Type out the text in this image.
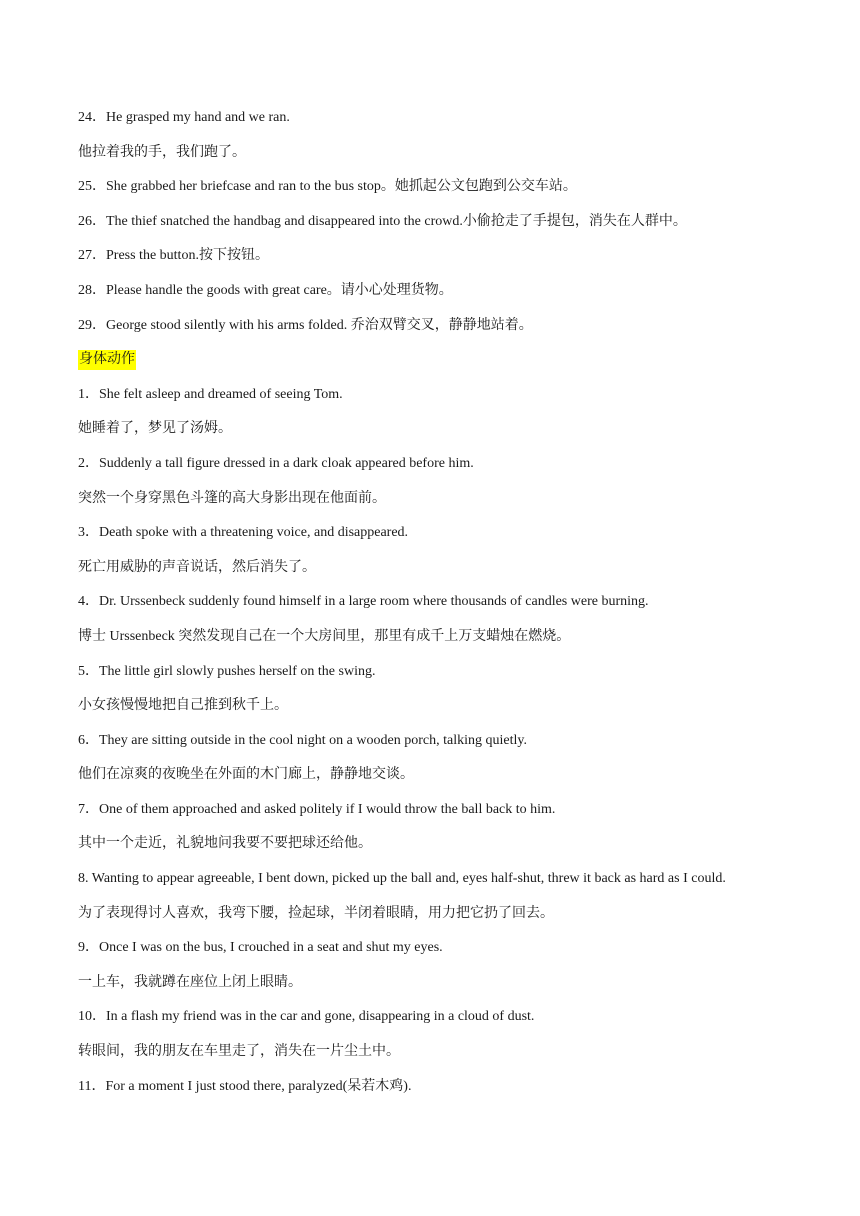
24．He grasped my hand and we ran.
他拉着我的手，我们跑了。
25．She grabbed her briefcase and ran to the bus stop。她抓起公文包跑到公交车站。
26．The thief snatched the handbag and disappeared into the crowd.小偷抢走了手提包，消失在人群中。
27．Press the button.按下按钮。
28．Please handle the goods with great care。请小心处理货物。
29．George stood silently with his arms folded. 乔治双臂交叉，静静地站着。
身体动作
1．She felt asleep and dreamed of seeing Tom.
她睡着了，梦见了汤姆。
2．Suddenly a tall figure dressed in a dark cloak appeared before him.
突然一个身穿黑色斗篷的高大身影出现在他面前。
3．Death spoke with a threatening voice, and disappeared.
死亡用威胁的声音说话，然后消失了。
4．Dr. Urssenbeck suddenly found himself in a large room where thousands of candles were burning.
博士 Urssenbeck 突然发现自己在一个大房间里，那里有成千上万支蜡烛在燃烧。
5．The little girl slowly pushes herself on the swing.
小女孩慢慢地把自己推到秋千上。
6．They are sitting outside in the cool night on a wooden porch, talking quietly.
他们在凉爽的夜晚坐在外面的木门廊上，静静地交谈。
7．One of them approached and asked politely if I would throw the ball back to him.
其中一个走近，礼貌地问我要不要把球还给他。
8. Wanting to appear agreeable, I bent down, picked up the ball and, eyes half-shut, threw it back as hard as I could.
为了表现得讨人喜欢，我弯下腰，捡起球，半闭着眼睛，用力把它扔了回去。
9．Once I was on the bus, I crouched in a seat and shut my eyes.
一上车，我就蹲在座位上闭上眼睛。
10．In a flash my friend was in the car and gone, disappearing in a cloud of dust.
转眼间，我的朋友在车里走了，消失在一片尘土中。
11．For a moment I just stood there, paralyzed(呆若木鸡).
